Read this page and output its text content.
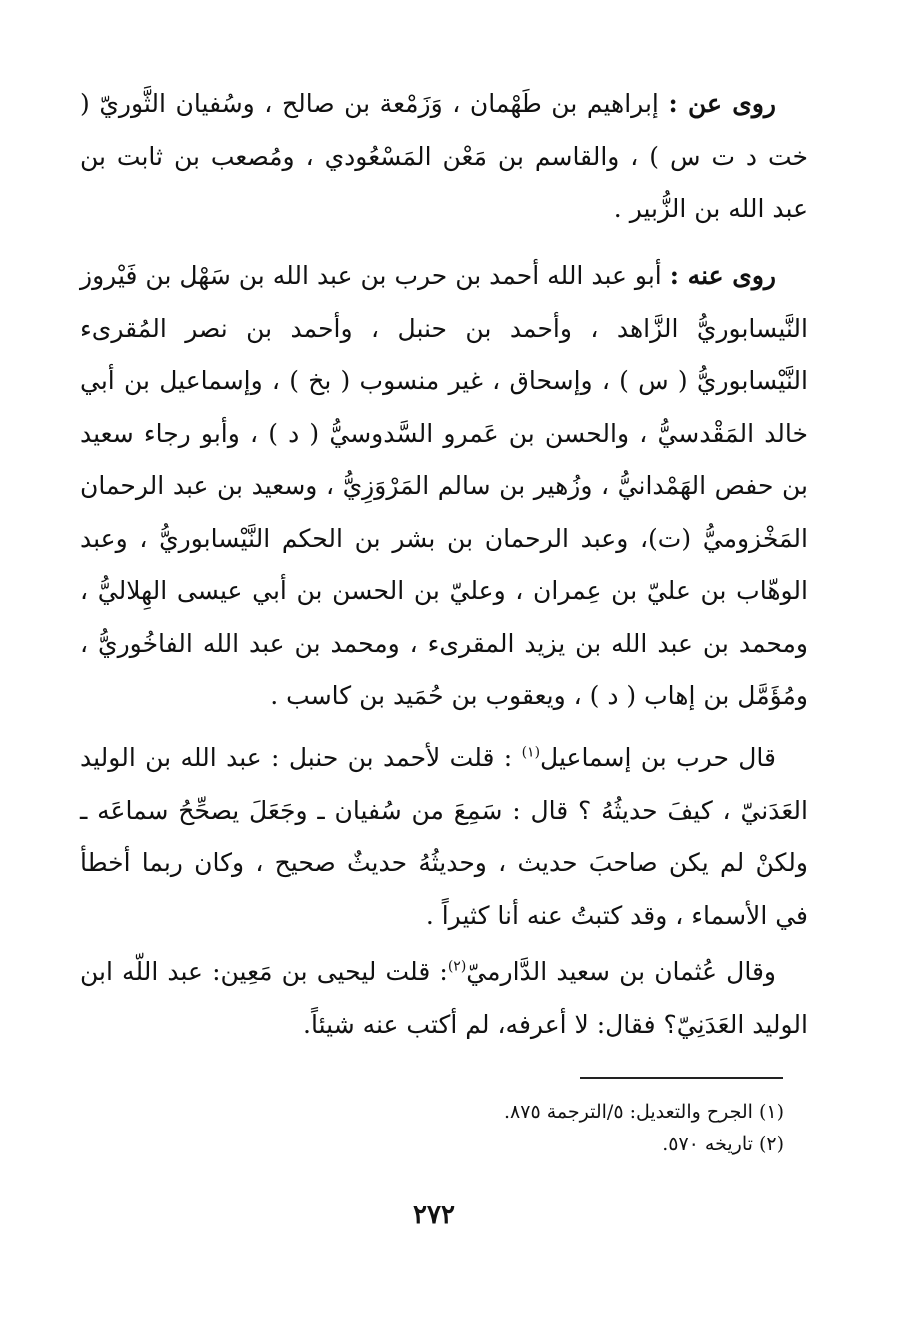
روى عن : إبراهيم بن طَهْمان ، وَزَمْعة بن صالح ، وسُفيان الثَّوريّ ( خت د ت س ) ، والقاسم بن مَعْن المَسْعُودي ، ومُصعب بن ثابت بن عبد الله بن الزُّبير .

روى عنه : أبو عبد الله أحمد بن حرب بن عبد الله بن سَهْل بن فَيْروز النَّيسابوريُّ الزَّاهد ، وأحمد بن حنبل ، وأحمد بن نصر المُقرىء النَّيْسابوريُّ ( س ) ، وإسحاق ، غير منسوب ( بخ ) ، وإسماعيل بن أبي خالد المَقْدسيُّ ، والحسن بن عَمرو السَّدوسيُّ ( د ) ، وأبو رجاء سعيد بن حفص الهَمْدانيُّ ، وزُهير بن سالم المَرْوَزِيُّ ، وسعيد بن عبد الرحمان المَخْزوميُّ (ت)، وعبد الرحمان بن بشر بن الحكم النَّيْسابوريُّ ، وعبد الوهّاب بن عليّ بن عِمران ، وعليّ بن الحسن بن أبي عيسى الهِلاليُّ ، ومحمد بن عبد الله بن يزيد المقرىء ، ومحمد بن عبد الله الفاخُوريُّ ، ومُؤَمَّل بن إهاب ( د ) ، ويعقوب بن حُمَيد بن كاسب .

قال حرب بن إسماعيل$^{(١)}$ : قلت لأحمد بن حنبل : عبد الله بن الوليد العَدَنيّ ، كيفَ حديثُهُ ؟ قال : سَمِعَ من سُفيان ـ وجَعَلَ يصحِّحُ سماعَه ـ ولكنْ لم يكن صاحبَ حديث ، وحديثُهُ حديثٌ صحيح ، وكان ربما أخطأ في الأسماء ، وقد كتبتُ عنه أنا كثيراً .

وقال عُثمان بن سعيد الدَّارميّ$^{(٢)}$: قلت ليحيى بن مَعِين: عبد اللّه ابن الوليد العَدَنِيّ؟ فقال: لا أعرفه، لم أكتب عنه شيئاً.

(١) الجرح والتعديل: ٥/الترجمة ٨٧٥.
(٢) تاريخه ٥٧٠.
٢٧٢
